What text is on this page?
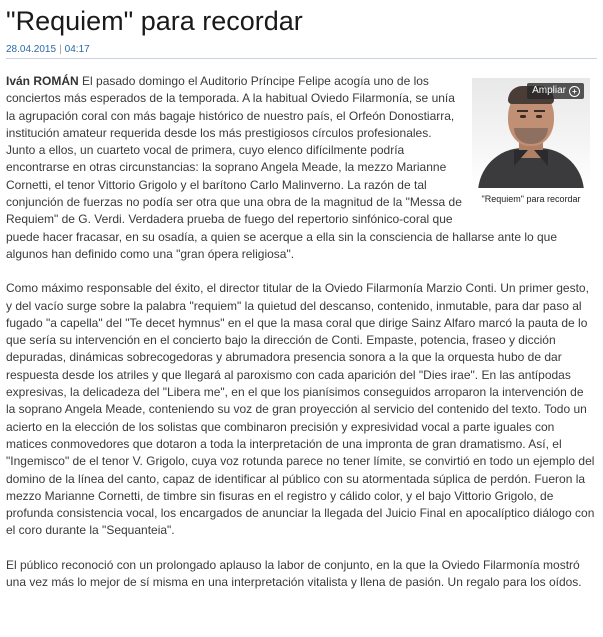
"Requiem" para recordar
28.04.2015 | 04:17
Ampliar +
"Requiem" para recordar

Iván ROMÁN El pasado domingo el Auditorio Príncipe Felipe acogía uno de los conciertos más esperados de la temporada. A la habitual Oviedo Filarmonía, se unía la agrupación coral con más bagaje histórico de nuestro país, el Orfeón Donostiarra, institución amateur requerida desde los más prestigiosos círculos profesionales. Junto a ellos, un cuarteto vocal de primera, cuyo elenco difícilmente podría encontrarse en otras circunstancias: la soprano Angela Meade, la mezzo Marianne Cornetti, el tenor Vittorio Grigolo y el barítono Carlo Malinverno. La razón de tal conjunción de fuerzas no podía ser otra que una obra de la magnitud de la "Messa de Requiem" de G. Verdi. Verdadera prueba de fuego del repertorio sinfónico-coral que puede hacer fracasar, en su osadía, a quien se acerque a ella sin la consciencia de hallarse ante lo que algunos han definido como una "gran ópera religiosa".

Como máximo responsable del éxito, el director titular de la Oviedo Filarmonía Marzio Conti. Un primer gesto, y del vacío surge sobre la palabra "requiem" la quietud del descanso, contenido, inmutable, para dar paso al fugado "a capella" del "Te decet hymnus" en el que la masa coral que dirige Sainz Alfaro marcó la pauta de lo que sería su intervención en el concierto bajo la dirección de Conti. Empaste, potencia, fraseo y dicción depuradas, dinámicas sobrecogedoras y abrumadora presencia sonora a la que la orquesta hubo de dar respuesta desde los atriles y que llegará al paroxismo con cada aparición del "Dies irae". En las antípodas expresivas, la delicadeza del "Libera me", en el que los pianísimos conseguidos arroparon la intervención de la soprano Angela Meade, conteniendo su voz de gran proyección al servicio del contenido del texto. Todo un acierto en la elección de los solistas que combinaron precisión y expresividad vocal a parte iguales con matices conmovedores que dotaron a toda la interpretación de una impronta de gran dramatismo. Así, el "Ingemisco" de el tenor V. Grigolo, cuya voz rotunda parece no tener límite, se convirtió en todo un ejemplo del domino de la línea del canto, capaz de identificar al público con su atormentada súplica de perdón. Fueron la mezzo Marianne Cornetti, de timbre sin fisuras en el registro y cálido color, y el bajo Vittorio Grigolo, de profunda consistencia vocal, los encargados de anunciar la llegada del Juicio Final en apocalíptico diálogo con el coro durante la "Sequanteia".

El público reconoció con un prolongado aplauso la labor de conjunto, en la que la Oviedo Filarmonía mostró una vez más lo mejor de sí misma en una interpretación vitalista y llena de pasión. Un regalo para los oídos.
